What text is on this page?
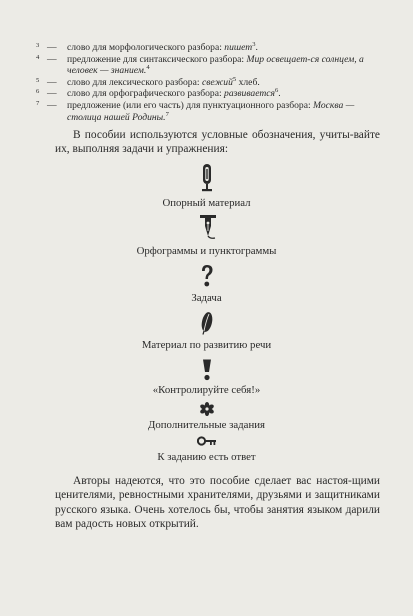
3 —	слово для морфологического разбора: пишет$^3$.
4 —	предложение для синтаксического разбора: Мир освещает-ся солнцем, а человек — знанием.$^4$
5 —	слово для лексического разбора: свежий$^5$ хлеб.
6 —	слово для орфографического разбора: развивается$^6$.
7 —	предложение (или его часть) для пунктуационного разбора: Москва — столица нашей Родины.$^7$
В пособии используются условные обозначения, учиты-вайте их, выполняя задачи и упражнения:
Опорный материал
Орфограммы и пунктограммы
Задача
Материал по развитию речи
«Контролируйте себя!»
Дополнительные задания
К заданию есть ответ
Авторы надеются, что это пособие сделает вас настоя-щими ценителями, ревностными хранителями, друзьями и защитниками русского языка. Очень хотелось бы, чтобы занятия языком дарили вам радость новых открытий.
